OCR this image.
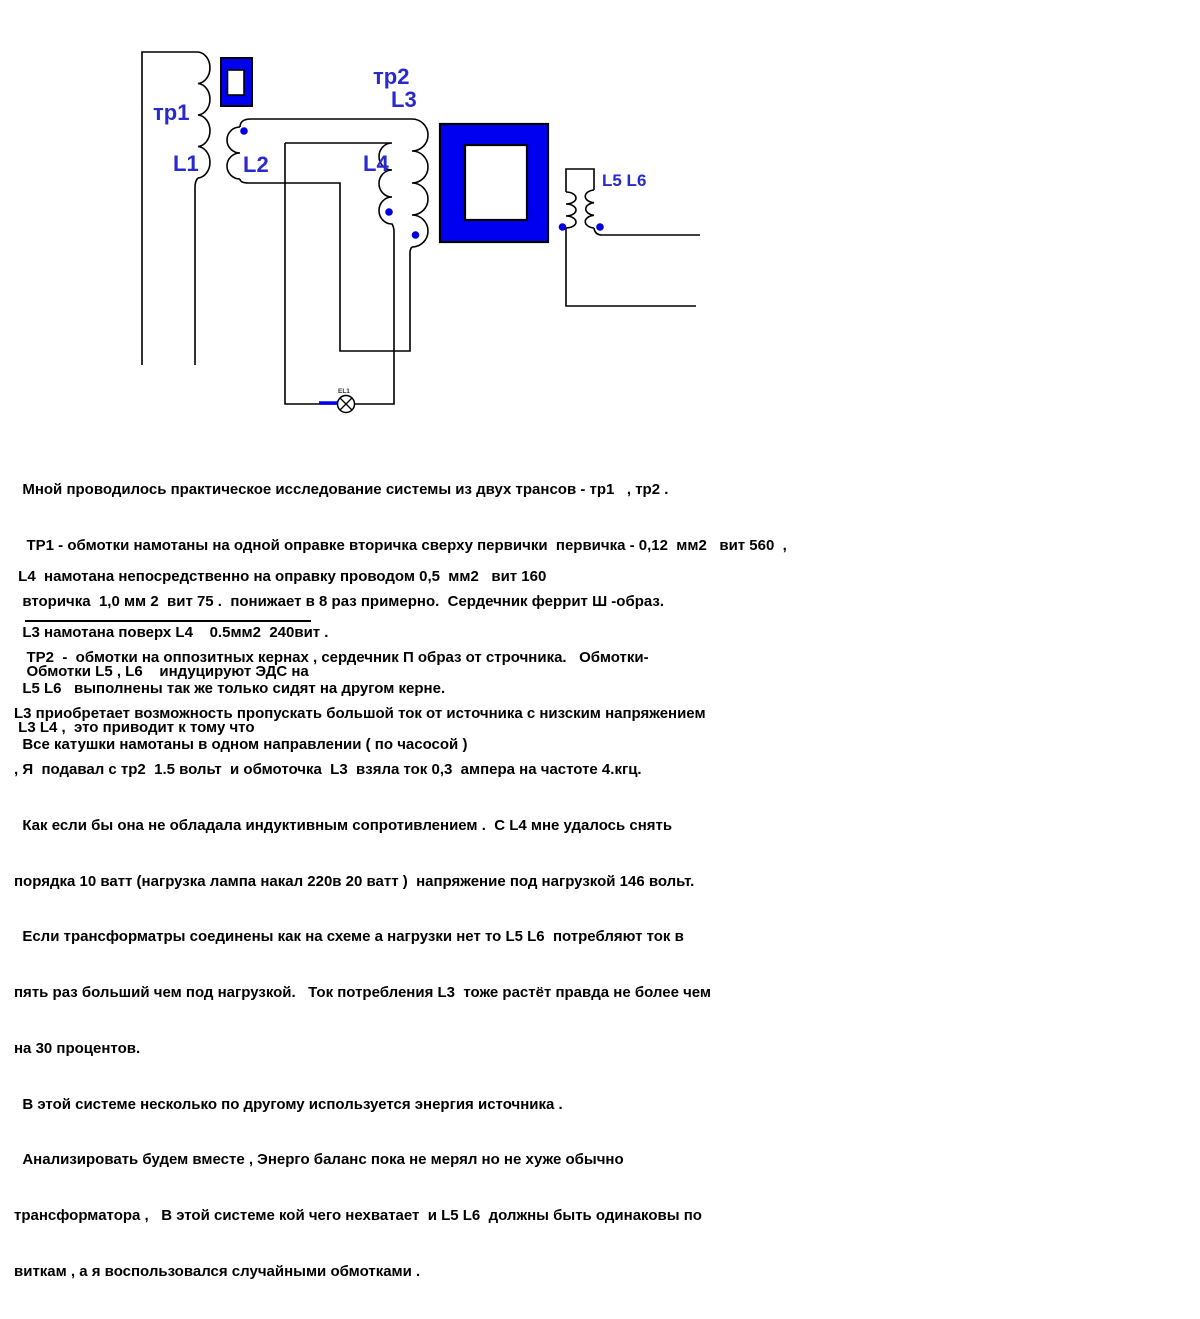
EL1
тр1
L1 L2
тр2
L3
L4
L5 L6

Мной проводилось практическое исследование системы из двух трансов - тр1   , тр2 .

ТР1 - обмотки намотаны на одной оправке вторичка сверху первички  первичка - 0,12  мм2   вит 560  ,

вторичка  1,0 мм 2  вит 75 .  понижает в 8 раз примерно.  Сердечник феррит Ш -образ.

ТР2  -  обмотки на оппозитных кернах , сердечник П образ от строчника.   Обмотки-

L4  намотана непосредственно на оправку проводом 0,5  мм2   вит 160

L3 намотана поверх L4    0.5мм2  240вит .

L5 L6   выполнены так же только сидят на другом керне.

Все катушки намотаны в одном направлении ( по часосой )

Обмотки L5 , L6    индуцируют ЭДС на

L3 L4 ,  это приводит к тому что

L3 приобретает возможность пропускать большой ток от источника с низским напряжением

, Я  подавал с тр2  1.5 вольт  и обмоточка  L3  взяла ток 0,3  ампера на частоте 4.кгц.

Как если бы она не обладала индуктивным сопротивлением .  С L4 мне удалось снять

порядка 10 ватт (нагрузка лампа накал 220в 20 ватт )  напряжение под нагрузкой 146 вольт.

Если трансформатры соединены как на схеме а нагрузки нет то L5 L6  потребляют ток в

пять раз больший чем под нагрузкой.   Ток потребления L3  тоже растёт правда не более чем

на 30 процентов.

В этой системе несколько по другому используется энергия источника .

Анализировать будем вместе , Энерго баланс пока не мерял но не хуже обычно

трансформатора ,   В этой системе кой чего нехватает  и L5 L6  должны быть одинаковы по

виткам , а я воспользовался случайными обмотками .
